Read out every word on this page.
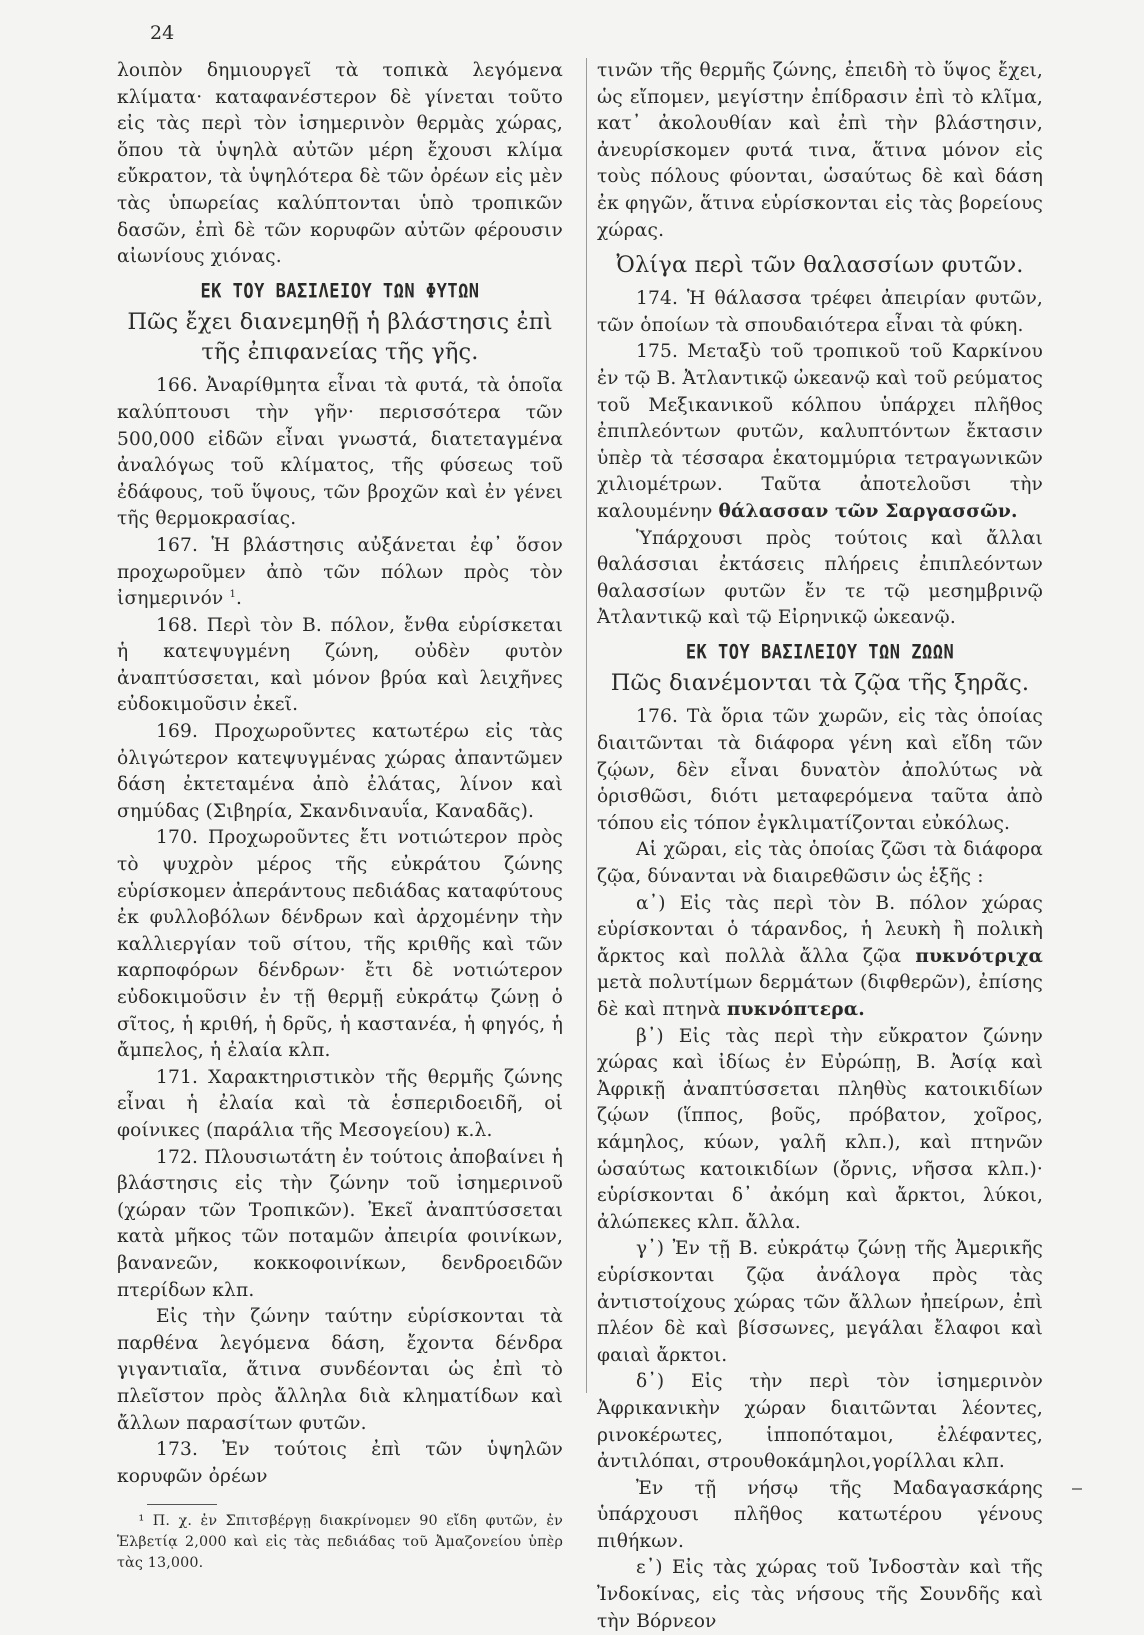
24

λοιπὸν δημιουργεῖ τὰ τοπικὰ λεγόμενα κλίματα· καταφανέστερον δὲ γίνεται τοῦτο εἰς τὰς περὶ τὸν ἰσημερινὸν θερμὰς χώρας, ὅπου τὰ ὑψηλὰ αὐτῶν μέρη ἔχουσι κλίμα εὔκρατον, τὰ ὑψηλότερα δὲ τῶν ὀρέων εἰς μὲν τὰς ὑπωρείας καλύπτονται ὑπὸ τροπικῶν δασῶν, ἐπὶ δὲ τῶν κορυφῶν αὐτῶν φέρουσιν αἰωνίους χιόνας.

ΕΚ ΤΟΥ ΒΑΣΙΛΕΙΟΥ ΤΩΝ ΦΥΤΩΝ
Πῶς ἔχει διανεμηθῇ ἡ βλάστησις ἐπὶ τῆς ἐπιφανείας τῆς γῆς.

166. Ἀναρίθμητα εἶναι τὰ φυτά, τὰ ὁποῖα καλύπτουσι τὴν γῆν· περισσότερα τῶν 500,000 εἰδῶν εἶναι γνωστά, διατεταγμένα ἀναλόγως τοῦ κλίματος, τῆς φύσεως τοῦ ἐδάφους, τοῦ ὕψους, τῶν βροχῶν καὶ ἐν γένει τῆς θερμοκρασίας.

167. Ἡ βλάστησις αὐξάνεται ἐφ᾿ ὅσον προχωροῦμεν ἀπὸ τῶν πόλων πρὸς τὸν ἰσημερινόν $^1$.

168. Περὶ τὸν Β. πόλον, ἔνθα εὑρίσκεται ἡ κατεψυγμένη ζώνη, οὐδὲν φυτὸν ἀναπτύσσεται, καὶ μόνον βρύα καὶ λειχῆνες εὐδοκιμοῦσιν ἐκεῖ.

169. Προχωροῦντες κατωτέρω εἰς τὰς ὀλιγώτερον κατεψυγμένας χώρας ἀπαντῶμεν δάση ἐκτεταμένα ἀπὸ ἐλάτας, λίνον καὶ σημύδας (Σιβηρία, Σκανδιναυΐα, Καναδᾶς).

170. Προχωροῦντες ἔτι νοτιώτερον πρὸς τὸ ψυχρὸν μέρος τῆς εὐκράτου ζώνης εὑρίσκομεν ἀπεράντους πεδιάδας καταφύτους ἐκ φυλλοβόλων δένδρων καὶ ἀρχομένην τὴν καλλιεργίαν τοῦ σίτου, τῆς κριθῆς καὶ τῶν καρποφόρων δένδρων· ἔτι δὲ νοτιώτερον εὐδοκιμοῦσιν ἐν τῇ θερμῇ εὐκράτῳ ζώνῃ ὁ σῖτος, ἡ κριθή, ἡ δρῦς, ἡ καστανέα, ἡ φηγός, ἡ ἄμπελος, ἡ ἐλαία κλπ.

171. Χαρακτηριστικὸν τῆς θερμῆς ζώνης εἶναι ἡ ἐλαία καὶ τὰ ἑσπεριδοειδῆ, οἱ φοίνικες (παράλια τῆς Μεσογείου) κ.λ.

172. Πλουσιωτάτη ἐν τούτοις ἀποβαίνει ἡ βλάστησις εἰς τὴν ζώνην τοῦ ἰσημερινοῦ (χώραν τῶν Τροπικῶν). Ἐκεῖ ἀναπτύσσεται κατὰ μῆκος τῶν ποταμῶν ἀπειρία φοινίκων, βανανεῶν, κοκκοφοινίκων, δενδροειδῶν πτερίδων κλπ.

Εἰς τὴν ζώνην ταύτην εὑρίσκονται τὰ παρθένα λεγόμενα δάση, ἔχοντα δένδρα γιγαντιαῖα, ἅτινα συνδέονται ὡς ἐπὶ τὸ πλεῖστον πρὸς ἄλληλα διὰ κληματίδων καὶ ἄλλων παρασίτων φυτῶν.

173. Ἐν τούτοις ἐπὶ τῶν ὑψηλῶν κορυφῶν ὀρέων

¹ Π. χ. ἐν Σπιτσβέργῃ διακρίνομεν 90 εἴδη φυτῶν, ἐν Ἑλβετίᾳ 2,000 καὶ εἰς τὰς πεδιάδας τοῦ Ἀμαζονείου ὑπὲρ τὰς 13,000.

τινῶν τῆς θερμῆς ζώνης, ἐπειδὴ τὸ ὕψος ἔχει, ὡς εἴπομεν, μεγίστην ἐπίδρασιν ἐπὶ τὸ κλῖμα, κατ᾿ ἀκολουθίαν καὶ ἐπὶ τὴν βλάστησιν, ἀνευρίσκομεν φυτά τινα, ἅτινα μόνον εἰς τοὺς πόλους φύονται, ὡσαύτως δὲ καὶ δάση ἐκ φηγῶν, ἅτινα εὑρίσκονται εἰς τὰς βορείους χώρας.

Ὀλίγα περὶ τῶν θαλασσίων φυτῶν.

174. Ἡ θάλασσα τρέφει ἀπειρίαν φυτῶν, τῶν ὁποίων τὰ σπουδαιότερα εἶναι τὰ φύκη.

175. Μεταξὺ τοῦ τροπικοῦ τοῦ Καρκίνου ἐν τῷ Β. Ἀτλαντικῷ ὠκεανῷ καὶ τοῦ ρεύματος τοῦ Μεξικανικοῦ κόλπου ὑπάρχει πλῆθος ἐπιπλεόντων φυτῶν, καλυπτόντων ἔκτασιν ὑπὲρ τὰ τέσσαρα ἑκατομμύρια τετραγωνικῶν χιλιομέτρων. Ταῦτα ἀποτελοῦσι τὴν καλουμένην θάλασσαν τῶν Σαργασσῶν.

Ὑπάρχουσι πρὸς τούτοις καὶ ἄλλαι θαλάσσιαι ἐκτάσεις πλήρεις ἐπιπλεόντων θαλασσίων φυτῶν ἔν τε τῷ μεσημβρινῷ Ἀτλαντικῷ καὶ τῷ Εἰρηνικῷ ὠκεανῷ.

ΕΚ ΤΟΥ ΒΑΣΙΛΕΙΟΥ ΤΩΝ ΖΩΩΝ
Πῶς διανέμονται τὰ ζῷα τῆς ξηρᾶς.

176. Τὰ ὅρια τῶν χωρῶν, εἰς τὰς ὁποίας διαιτῶνται τὰ διάφορα γένη καὶ εἴδη τῶν ζῴων, δὲν εἶναι δυνατὸν ἀπολύτως νὰ ὁρισθῶσι, διότι μεταφερόμενα ταῦτα ἀπὸ τόπου εἰς τόπον ἐγκλιματίζονται εὐκόλως.

Αἱ χῶραι, εἰς τὰς ὁποίας ζῶσι τὰ διάφορα ζῷα, δύνανται νὰ διαιρεθῶσιν ὡς ἑξῆς :

α᾿) Εἰς τὰς περὶ τὸν Β. πόλον χώρας εὑρίσκονται ὁ τάρανδος, ἡ λευκὴ ἢ πολικὴ ἄρκτος καὶ πολλὰ ἄλλα ζῷα πυκνότριχα μετὰ πολυτίμων δερμάτων (διφθερῶν), ἐπίσης δὲ καὶ πτηνὰ πυκνόπτερα.

β᾿) Εἰς τὰς περὶ τὴν εὔκρατον ζώνην χώρας καὶ ἰδίως ἐν Εὐρώπῃ, Β. Ἀσίᾳ καὶ Ἀφρικῇ ἀναπτύσσεται πληθὺς κατοικιδίων ζῴων (ἵππος, βοῦς, πρόβατον, χοῖρος, κάμηλος, κύων, γαλῆ κλπ.), καὶ πτηνῶν ὡσαύτως κατοικιδίων (ὄρνις, νῆσσα κλπ.)· εὑρίσκονται δ᾿ ἀκόμη καὶ ἄρκτοι, λύκοι, ἀλώπεκες κλπ. ἄλλα.

γ᾿) Ἐν τῇ Β. εὐκράτῳ ζώνῃ τῆς Ἀμερικῆς εὑρίσκονται ζῷα ἀνάλογα πρὸς τὰς ἀντιστοίχους χώρας τῶν ἄλλων ἠπείρων, ἐπὶ πλέον δὲ καὶ βίσσωνες, μεγάλαι ἔλαφοι καὶ φαιαὶ ἄρκτοι.

δ᾿) Εἰς τὴν περὶ τὸν ἰσημερινὸν Ἀφρικανικὴν χώραν διαιτῶνται λέοντες, ρινοκέρωτες, ἱπποπόταμοι, ἐλέφαντες, ἀντιλόπαι, στρουθοκάμηλοι,γορίλλαι κλπ.

Ἐν τῇ νήσῳ τῆς Μαδαγασκάρης ὑπάρχουσι πλῆθος κατωτέρου γένους πιθήκων.

ε᾿) Εἰς τὰς χώρας τοῦ Ἰνδοστὰν καὶ τῆς Ἰνδοκίνας, εἰς τὰς νήσους τῆς Σουνδῆς καὶ τὴν Βόρνεον
